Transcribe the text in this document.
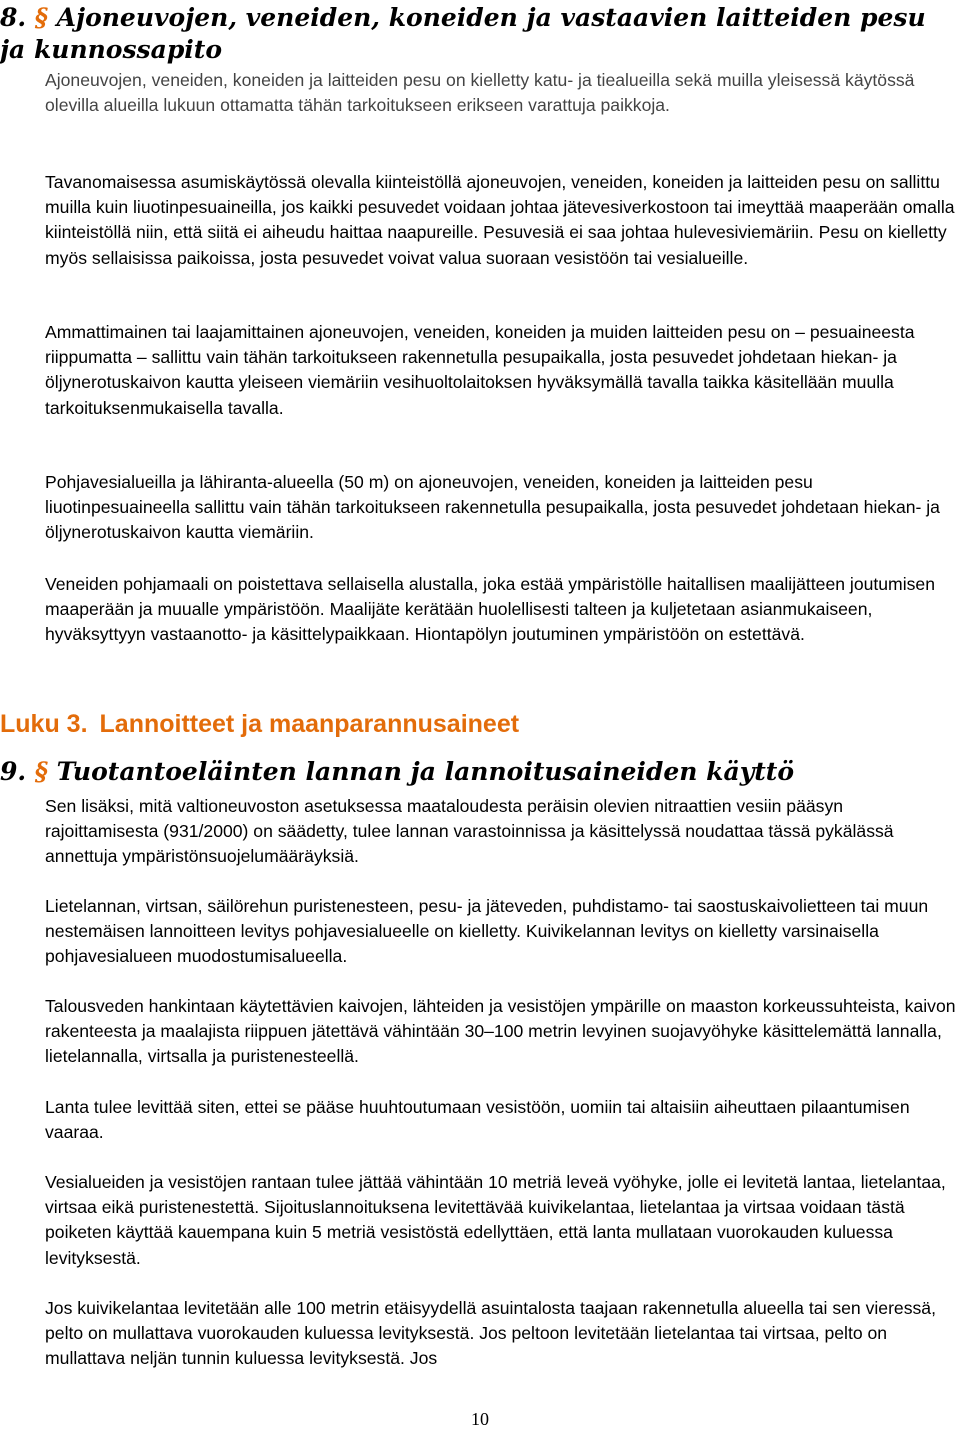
8. § Ajoneuvojen, veneiden, koneiden ja vastaavien laitteiden pesu ja kunnossapito

Ajoneuvojen, veneiden, koneiden ja laitteiden pesu on kielletty katu- ja tiealueilla sekä muilla yleisessä käytössä olevilla alueilla lukuun ottamatta tähän tarkoitukseen erikseen varattuja paikkoja.

Tavanomaisessa asumiskäytössä olevalla kiinteistöllä ajoneuvojen, veneiden, koneiden ja laitteiden pesu on sallittu muilla kuin liuotinpesuaineilla, jos kaikki pesuvedet voidaan johtaa jätevesiverkostoon tai imeyttää maaperään omalla kiinteistöllä niin, että siitä ei aiheudu haittaa naapureille. Pesuvesiä ei saa johtaa hulevesiviemäriin. Pesu on kielletty myös sellaisissa paikoissa, josta pesuvedet voivat valua suoraan vesistöön tai vesialueille.

Ammattimainen tai laajamittainen ajoneuvojen, veneiden, koneiden ja muiden laitteiden pesu on – pesuaineesta riippumatta – sallittu vain tähän tarkoitukseen rakennetulla pesupaikalla, josta pesuvedet johdetaan hiekan- ja öljynerotuskaivon kautta yleiseen viemäriin vesihuoltolaitoksen hyväksymällä tavalla taikka käsitellään muulla tarkoituksenmukaisella tavalla.

Pohjavesialueilla ja lähiranta-alueella (50 m) on ajoneuvojen, veneiden, koneiden ja laitteiden pesu liuotinpesuaineella sallittu vain tähän tarkoitukseen rakennetulla pesupaikalla, josta pesuvedet johdetaan hiekan- ja öljynerotuskaivon kautta viemäriin.

Veneiden pohjamaali on poistettava sellaisella alustalla, joka estää ympäristölle haitallisen maalijätteen joutumisen maaperään ja muualle ympäristöön. Maalijäte kerätään huolellisesti talteen ja kuljetetaan asianmukaiseen, hyväksyttyyn vastaanotto- ja käsittelypaikkaan. Hiontapölyn joutuminen ympäristöön on estettävä.

Luku 3. Lannoitteet ja maanparannusaineet
9. § Tuotantoeläinten lannan ja lannoitusaineiden käyttö

Sen lisäksi, mitä valtioneuvoston asetuksessa maataloudesta peräisin olevien nitraattien vesiin pääsyn rajoittamisesta (931/2000) on säädetty, tulee lannan varastoinnissa ja käsittelyssä noudattaa tässä pykälässä annettuja ympäristönsuojelumääräyksiä.

Lietelannan, virtsan, säilörehun puristenesteen, pesu- ja jäteveden, puhdistamo- tai saostuskaivolietteen tai muun nestemäisen lannoitteen levitys pohjavesialueelle on kielletty. Kuivikelannan levitys on kielletty varsinaisella pohjavesialueen muodostumisalueella.

Talousveden hankintaan käytettävien kaivojen, lähteiden ja vesistöjen ympärille on maaston korkeussuhteista, kaivon rakenteesta ja maalajista riippuen jätettävä vähintään 30–100 metrin levyinen suojavyöhyke käsittelemättä lannalla, lietelannalla, virtsalla ja puristenesteellä.

Lanta tulee levittää siten, ettei se pääse huuhtoutumaan vesistöön, uomiin tai altaisiin aiheuttaen pilaantumisen vaaraa.

Vesialueiden ja vesistöjen rantaan tulee jättää vähintään 10 metriä leveä vyöhyke, jolle ei levitetä lantaa, lietelantaa, virtsaa eikä puristenestettä. Sijoituslannoituksena levitettävää kuivikelantaa, lietelantaa ja virtsaa voidaan tästä poiketen käyttää kauempana kuin 5 metriä vesistöstä edellyttäen, että lanta mullataan vuorokauden kuluessa levityksestä.

Jos kuivikelantaa levitetään alle 100 metrin etäisyydellä asuintalosta taajaan rakennetulla alueella tai sen vieressä, pelto on mullattava vuorokauden kuluessa levityksestä. Jos peltoon levitetään lietelantaa tai virtsaa, pelto on mullattava neljän tunnin kuluessa levityksestä. Jos

10
